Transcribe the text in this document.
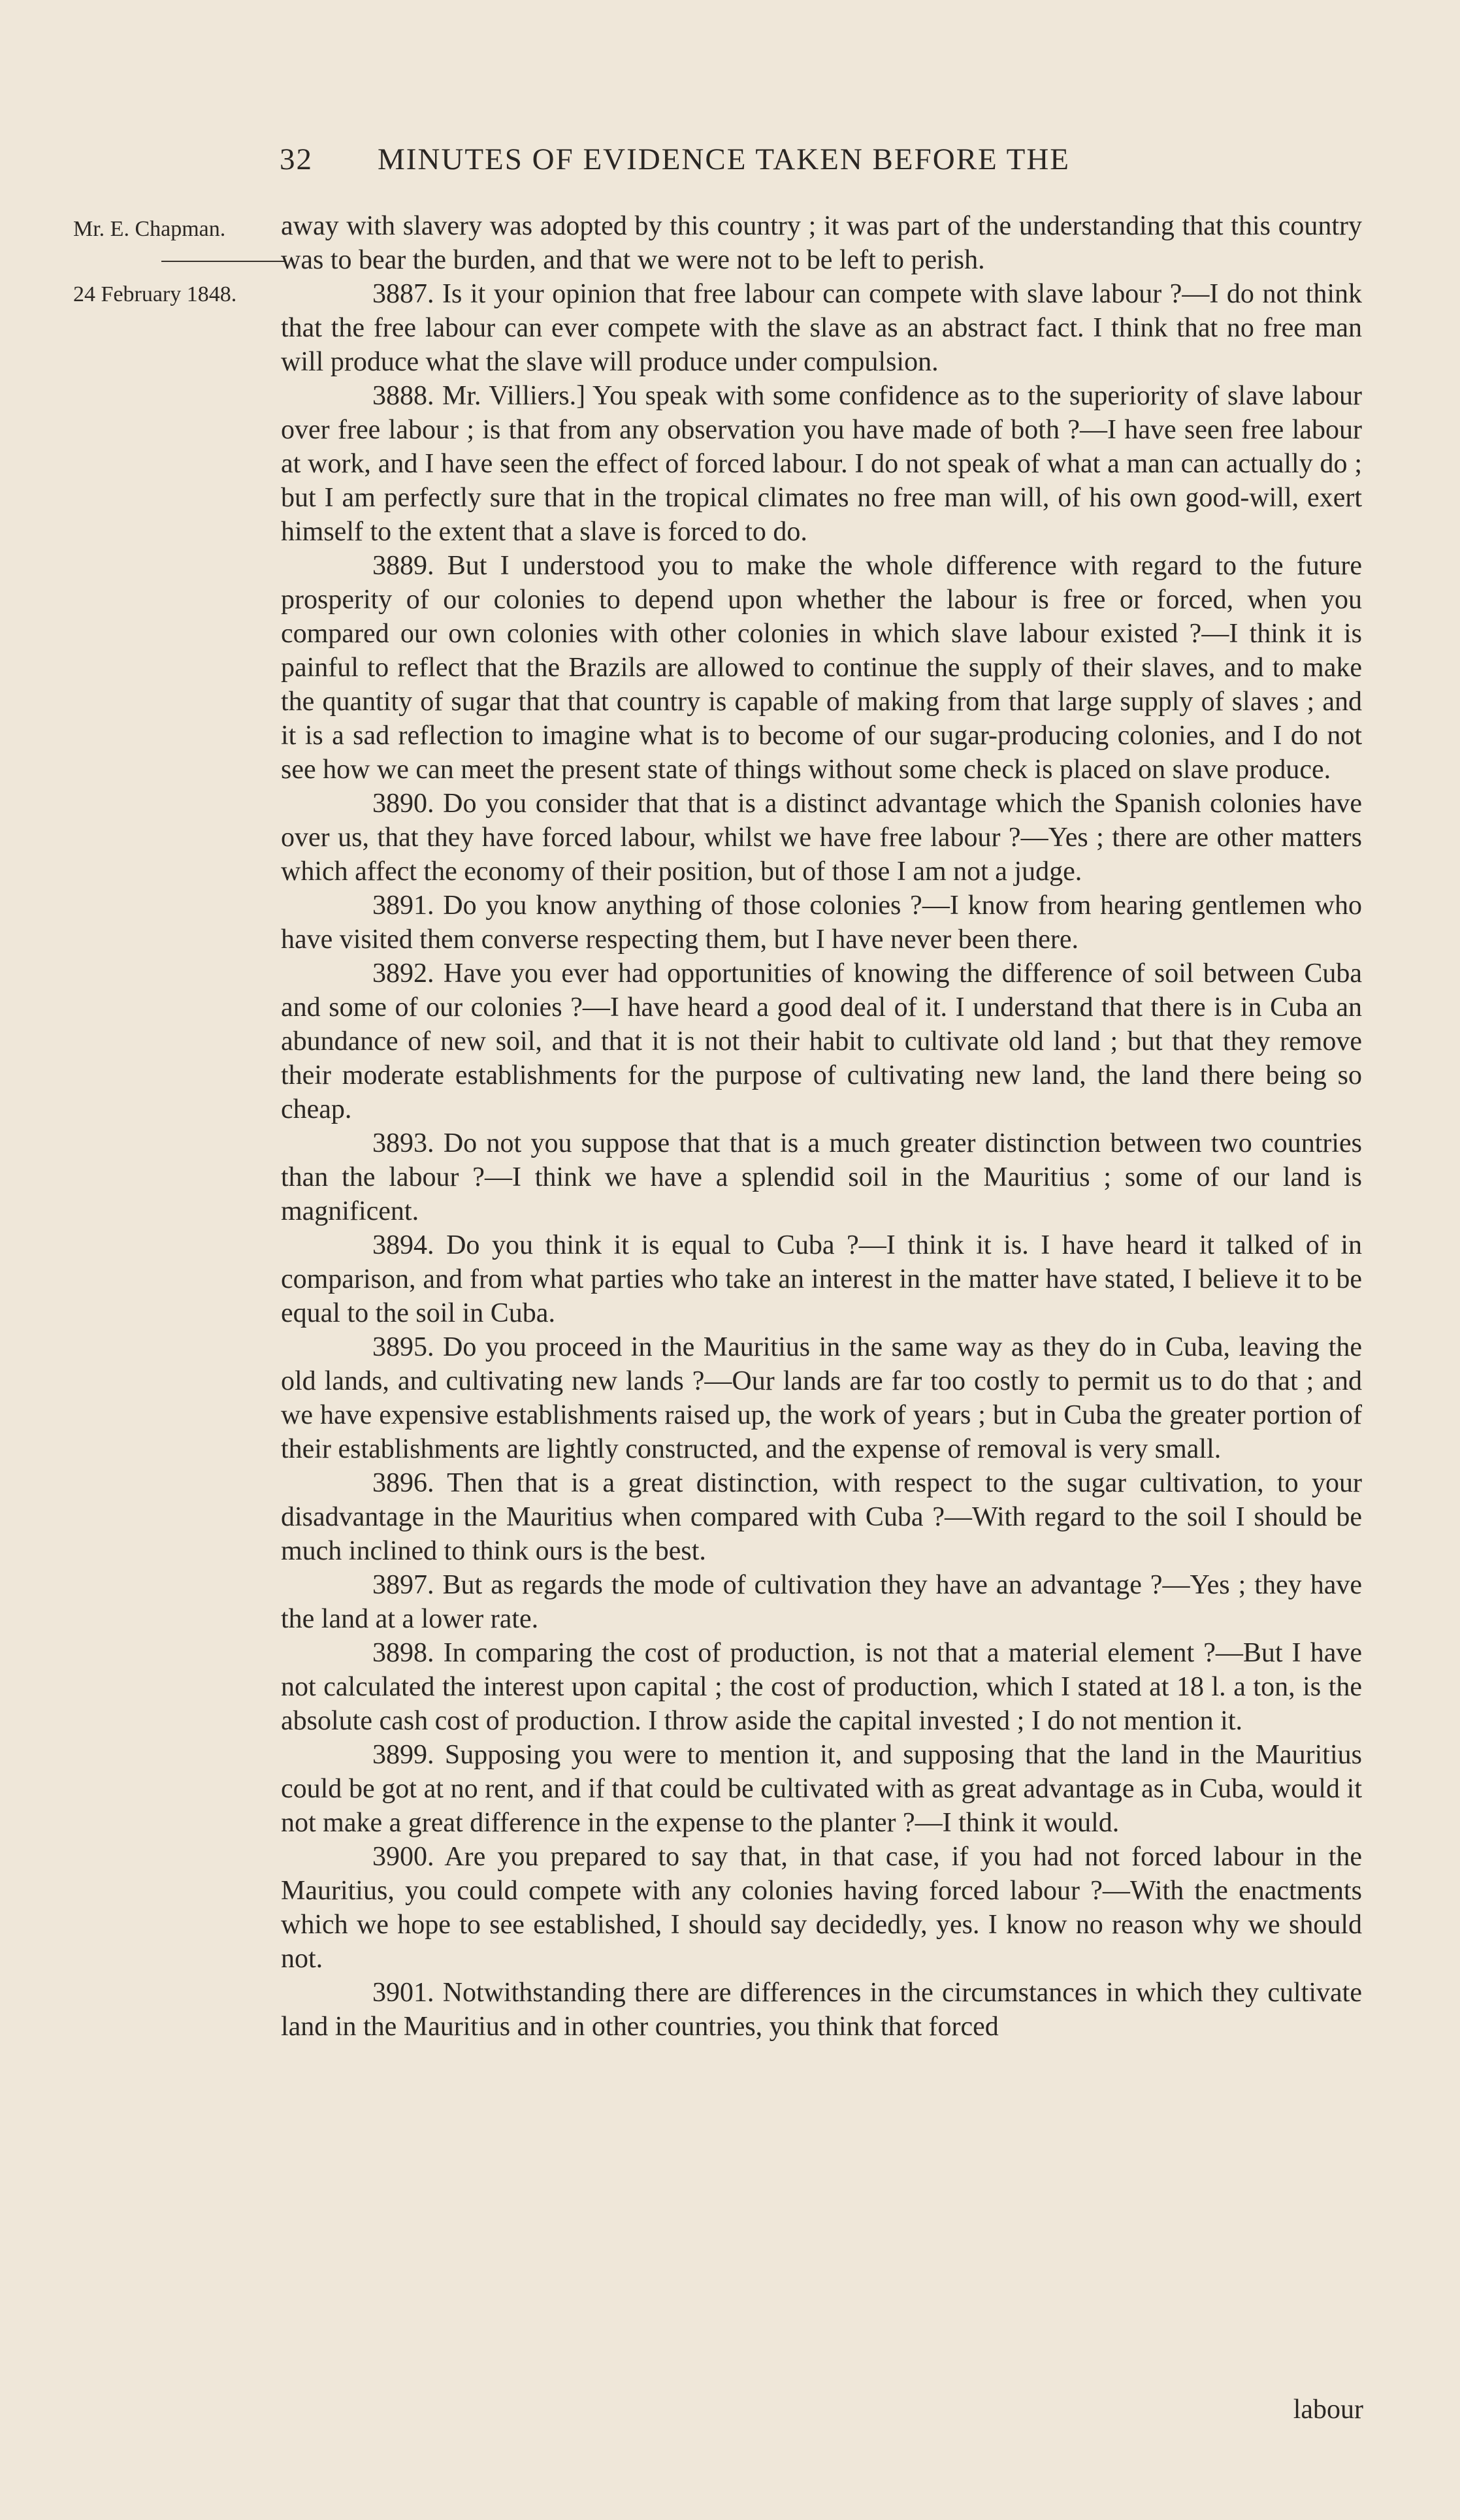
32 MINUTES OF EVIDENCE TAKEN BEFORE THE
Mr. E. Chapman.
24 February 1848.

away with slavery was adopted by this country ; it was part of the understanding that this country was to bear the burden, and that we were not to be left to perish.

3887. Is it your opinion that free labour can compete with slave labour ?—I do not think that the free labour can ever compete with the slave as an abstract fact. I think that no free man will produce what the slave will produce under compulsion.

3888. Mr. Villiers.] You speak with some confidence as to the superiority of slave labour over free labour ; is that from any observation you have made of both ?—I have seen free labour at work, and I have seen the effect of forced labour. I do not speak of what a man can actually do ; but I am perfectly sure that in the tropical climates no free man will, of his own good-will, exert himself to the extent that a slave is forced to do.

3889. But I understood you to make the whole difference with regard to the future prosperity of our colonies to depend upon whether the labour is free or forced, when you compared our own colonies with other colonies in which slave labour existed ?—I think it is painful to reflect that the Brazils are allowed to continue the supply of their slaves, and to make the quantity of sugar that that country is capable of making from that large supply of slaves ; and it is a sad reflection to imagine what is to become of our sugar-producing colonies, and I do not see how we can meet the present state of things without some check is placed on slave produce.

3890. Do you consider that that is a distinct advantage which the Spanish colonies have over us, that they have forced labour, whilst we have free labour ?—Yes ; there are other matters which affect the economy of their position, but of those I am not a judge.

3891. Do you know anything of those colonies ?—I know from hearing gentlemen who have visited them converse respecting them, but I have never been there.

3892. Have you ever had opportunities of knowing the difference of soil between Cuba and some of our colonies ?—I have heard a good deal of it. I understand that there is in Cuba an abundance of new soil, and that it is not their habit to cultivate old land ; but that they remove their moderate establishments for the purpose of cultivating new land, the land there being so cheap.

3893. Do not you suppose that that is a much greater distinction between two countries than the labour ?—I think we have a splendid soil in the Mauritius ; some of our land is magnificent.

3894. Do you think it is equal to Cuba ?—I think it is. I have heard it talked of in comparison, and from what parties who take an interest in the matter have stated, I believe it to be equal to the soil in Cuba.

3895. Do you proceed in the Mauritius in the same way as they do in Cuba, leaving the old lands, and cultivating new lands ?—Our lands are far too costly to permit us to do that ; and we have expensive establishments raised up, the work of years ; but in Cuba the greater portion of their establishments are lightly constructed, and the expense of removal is very small.

3896. Then that is a great distinction, with respect to the sugar cultivation, to your disadvantage in the Mauritius when compared with Cuba ?—With regard to the soil I should be much inclined to think ours is the best.

3897. But as regards the mode of cultivation they have an advantage ?—Yes ; they have the land at a lower rate.

3898. In comparing the cost of production, is not that a material element ?—But I have not calculated the interest upon capital ; the cost of production, which I stated at 18 l. a ton, is the absolute cash cost of production. I throw aside the capital invested ; I do not mention it.

3899. Supposing you were to mention it, and supposing that the land in the Mauritius could be got at no rent, and if that could be cultivated with as great advantage as in Cuba, would it not make a great difference in the expense to the planter ?—I think it would.

3900. Are you prepared to say that, in that case, if you had not forced labour in the Mauritius, you could compete with any colonies having forced labour ?—With the enactments which we hope to see established, I should say decidedly, yes. I know no reason why we should not.

3901. Notwithstanding there are differences in the circumstances in which they cultivate land in the Mauritius and in other countries, you think that forced

labour
